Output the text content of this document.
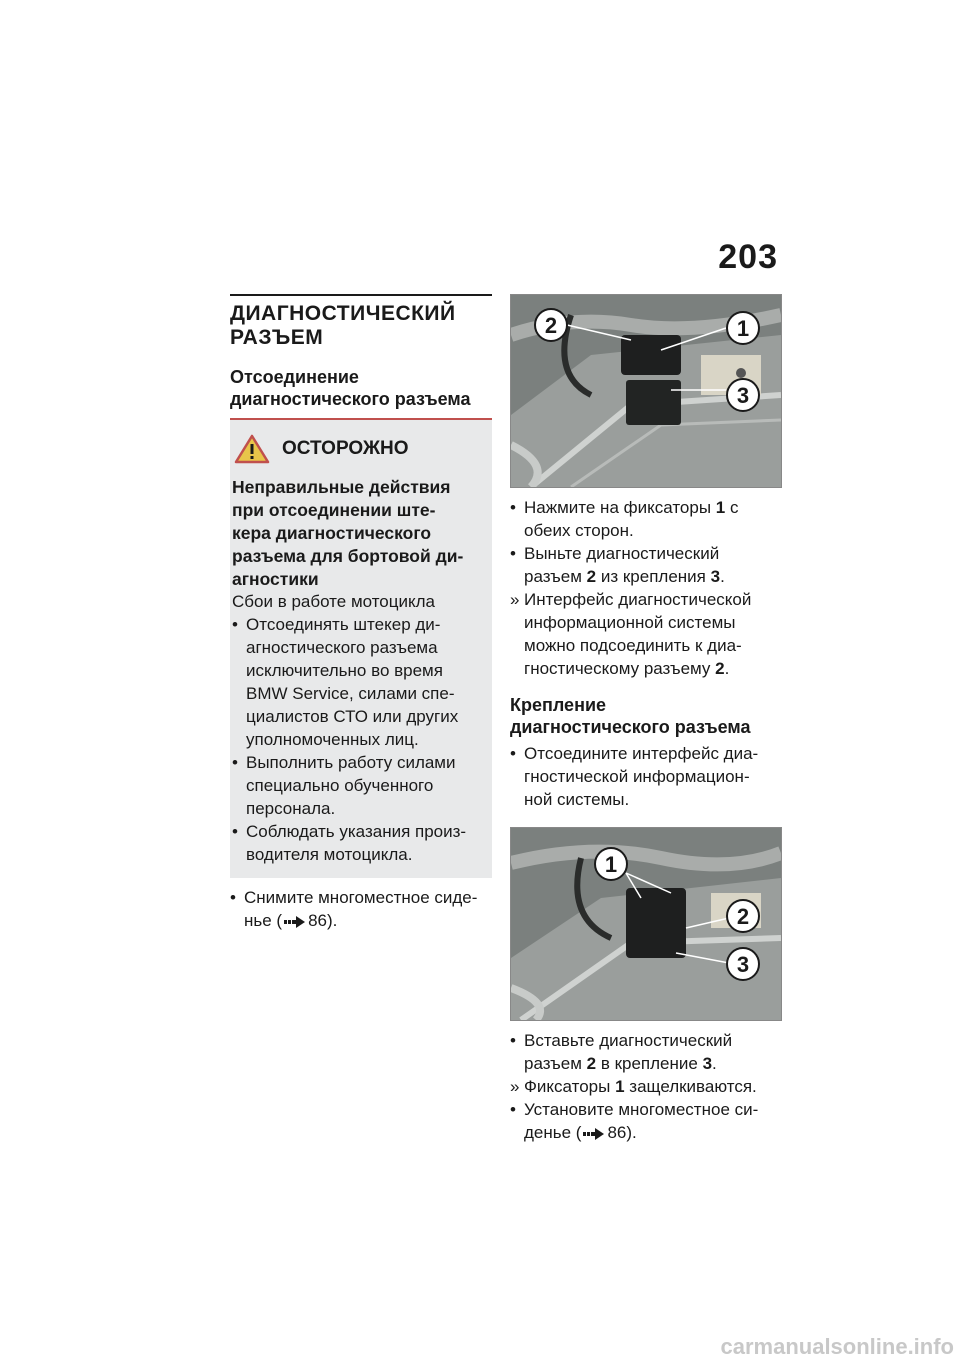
203
ДИАГНОСТИЧЕСКИЙ
РАЗЪЕМ
Отсоединение
диагностического разъема
ОСТОРОЖНО
Неправильные действия
при отсоединении ште-
кера диагностического
разъема для бортовой ди-
агностики
Сбои в работе мотоцикла
• Отсоединять штекер ди-
агностического разъема
исключительно во время
BMW Service, силами спе-
циалистов СТО или других
уполномоченных лиц.
• Выполнить работу силами
специально обученного
персонала.
• Соблюдать указания произ-
водителя мотоцикла.
• Снимите многоместное сиде-
нье ( 86).
2	1
3
• Нажмите на фиксаторы 1 с
обеих сторон.
• Выньте диагностический
разъем 2 из крепления 3.
» Интерфейс диагностической
информационной системы
можно подсоединить к диа-
гностическому разъему 2.
Крепление
диагностического разъема
• Отсоедините интерфейс диа-
гностической информацион-
ной системы.
1
2
3
• Вставьте диагностический
разъем 2 в крепление 3.
» Фиксаторы 1 защелкиваются.
• Установите многоместное си-
денье ( 86).
carmanualsonline.info
